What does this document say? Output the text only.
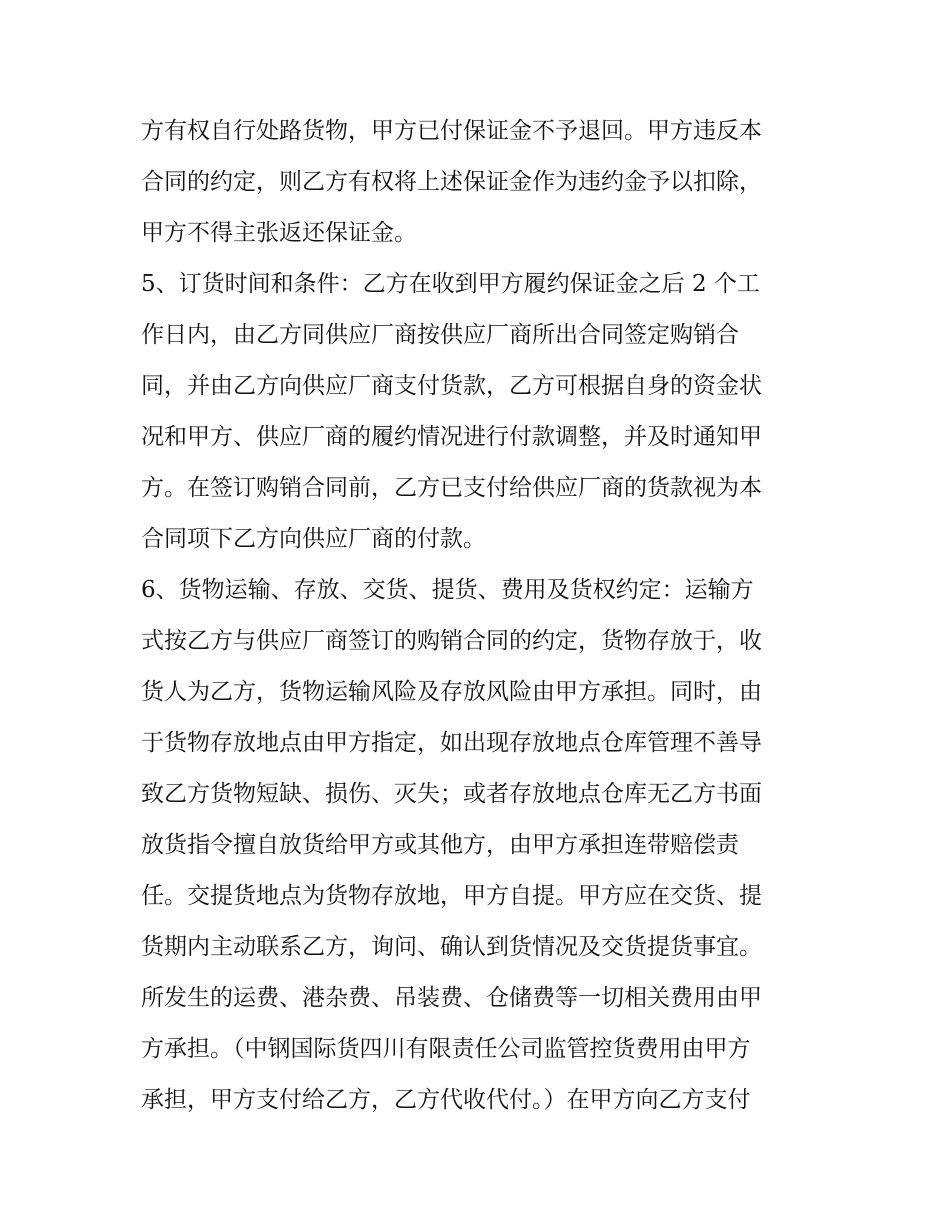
方有权自行处路货物，甲方已付保证金不予退回。甲方违反本
合同的约定，则乙方有权将上述保证金作为违约金予以扣除，
甲方不得主张返还保证金。
5、订货时间和条件：乙方在收到甲方履约保证金之后 2 个工
作日内，由乙方同供应厂商按供应厂商所出合同签定购销合
同，并由乙方向供应厂商支付货款，乙方可根据自身的资金状
况和甲方、供应厂商的履约情况进行付款调整，并及时通知甲
方。在签订购销合同前，乙方已支付给供应厂商的货款视为本
合同项下乙方向供应厂商的付款。
6、货物运输、存放、交货、提货、费用及货权约定：运输方
式按乙方与供应厂商签订的购销合同的约定，货物存放于，收
货人为乙方，货物运输风险及存放风险由甲方承担。同时，由
于货物存放地点由甲方指定，如出现存放地点仓库管理不善导
致乙方货物短缺、损伤、灭失；或者存放地点仓库无乙方书面
放货指令擅自放货给甲方或其他方，由甲方承担连带赔偿责
任。交提货地点为货物存放地，甲方自提。甲方应在交货、提
货期内主动联系乙方，询问、确认到货情况及交货提货事宜。
所发生的运费、港杂费、吊装费、仓储费等一切相关费用由甲
方承担。（中钢国际货四川有限责任公司监管控货费用由甲方
承担，甲方支付给乙方，乙方代收代付。）在甲方向乙方支付
